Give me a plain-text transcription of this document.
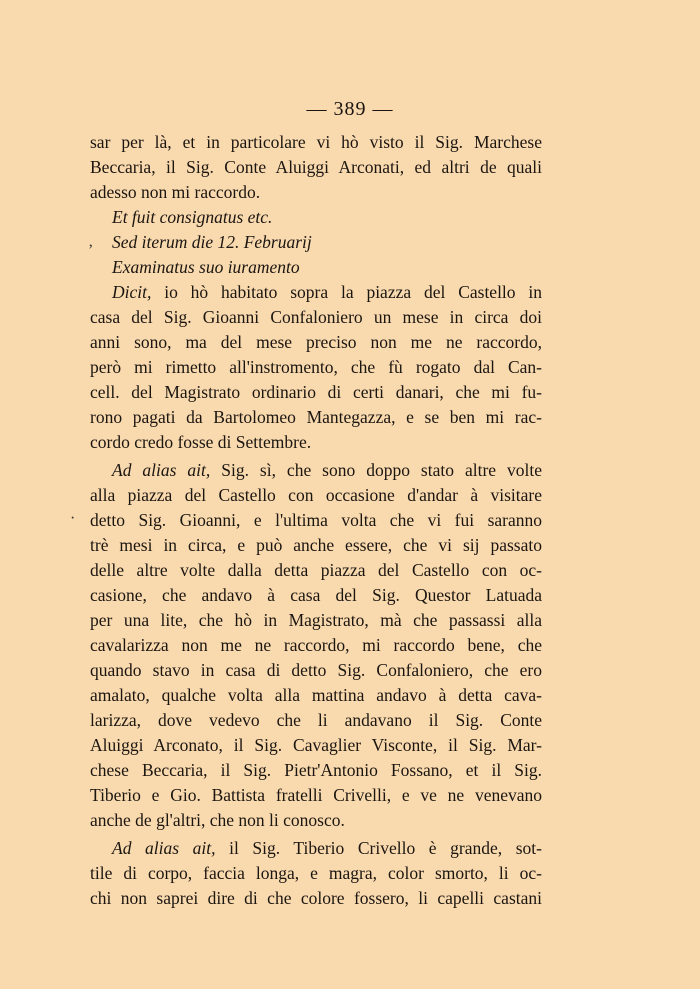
— 389 —
ʼ
·
sar per là, et in particolare vi hò visto il Sig. Marchese
Beccaria, il Sig. Conte Aluiggi Arconati, ed altri de quali
adesso non mi raccordo.
Et fuit consignatus etc.
Sed iterum die 12. Februarij
Examinatus suo iuramento
Dicit, io hò habitato sopra la piazza del Castello in
casa del Sig. Gioanni Confaloniero un mese in circa doi
anni sono, ma del mese preciso non me ne raccordo,
però mi rimetto all'instromento, che fù rogato dal Can-
cell. del Magistrato ordinario di certi danari, che mi fu-
rono pagati da Bartolomeo Mantegazza, e se ben mi rac-
cordo credo fosse di Settembre.
Ad alias ait, Sig. sì, che sono doppo stato altre volte
alla piazza del Castello con occasione d'andar à visitare
detto Sig. Gioanni, e l'ultima volta che vi fui saranno
trè mesi in circa, e può anche essere, che vi sij passato
delle altre volte dalla detta piazza del Castello con oc-
casione, che andavo à casa del Sig. Questor Latuada
per una lite, che hò in Magistrato, mà che passassi alla
cavalarizza non me ne raccordo, mi raccordo bene, che
quando stavo in casa di detto Sig. Confaloniero, che ero
amalato, qualche volta alla mattina andavo à detta cava-
larizza, dove vedevo che li andavano il Sig. Conte
Aluiggi Arconato, il Sig. Cavaglier Visconte, il Sig. Mar-
chese Beccaria, il Sig. Pietr'Antonio Fossano, et il Sig.
Tiberio e Gio. Battista fratelli Crivelli, e ve ne venevano
anche de gl'altri, che non li conosco.
Ad alias ait, il Sig. Tiberio Crivello è grande, sot-
tile di corpo, faccia longa, e magra, color smorto, li oc-
chi non saprei dire di che colore fossero, li capelli castani
